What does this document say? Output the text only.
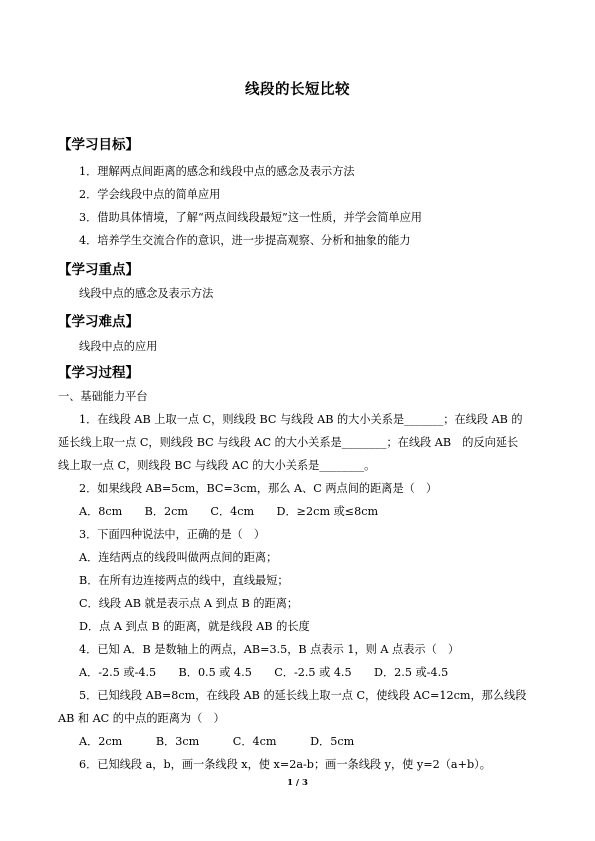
线段的长短比较
【学习目标】
1．理解两点间距离的感念和线段中点的感念及表示方法
2．学会线段中点的简单应用
3．借助具体情境，了解“两点间线段最短”这一性质，并学会简单应用
4．培养学生交流合作的意识，进一步提高观察、分析和抽象的能力
【学习重点】
线段中点的感念及表示方法
【学习难点】
线段中点的应用
【学习过程】
一、基础能力平台
1．在线段 AB 上取一点 C，则线段 BC 与线段 AB 的大小关系是_______；在线段 AB 的
延长线上取一点 C，则线段 BC 与线段 AC 的大小关系是________；在线段 AB　的反向延长
线上取一点 C，则线段 BC 与线段 AC 的大小关系是________。
2．如果线段 AB=5cm，BC=3cm，那么 A、C 两点间的距离是（　）
A．8cm　　B．2cm　　C．4cm　　D．≥2cm 或≤8cm
3．下面四种说法中，正确的是（　）
A．连结两点的线段叫做两点间的距离；
B．在所有边连接两点的线中，直线最短；
C．线段 AB 就是表示点 A 到点 B 的距离；
D．点 A 到点 B 的距离，就是线段 AB 的长度
4．已知 A．B 是数轴上的两点，AB=3.5，B 点表示 1，则 A 点表示（　）
A．-2.5 或-4.5　　B．0.5 或 4.5　　C．-2.5 或 4.5　　D．2.5 或-4.5
5．已知线段 AB=8cm，在线段 AB 的延长线上取一点 C，使线段 AC=12cm，那么线段
AB 和 AC 的中点的距离为（　）
A．2cm　　　B．3cm　　　C．4cm　　　D．5cm
6．已知线段 a，b，画一条线段 x，使 x=2a-b；画一条线段 y，使 y=2（a+b）。
1 / 3
